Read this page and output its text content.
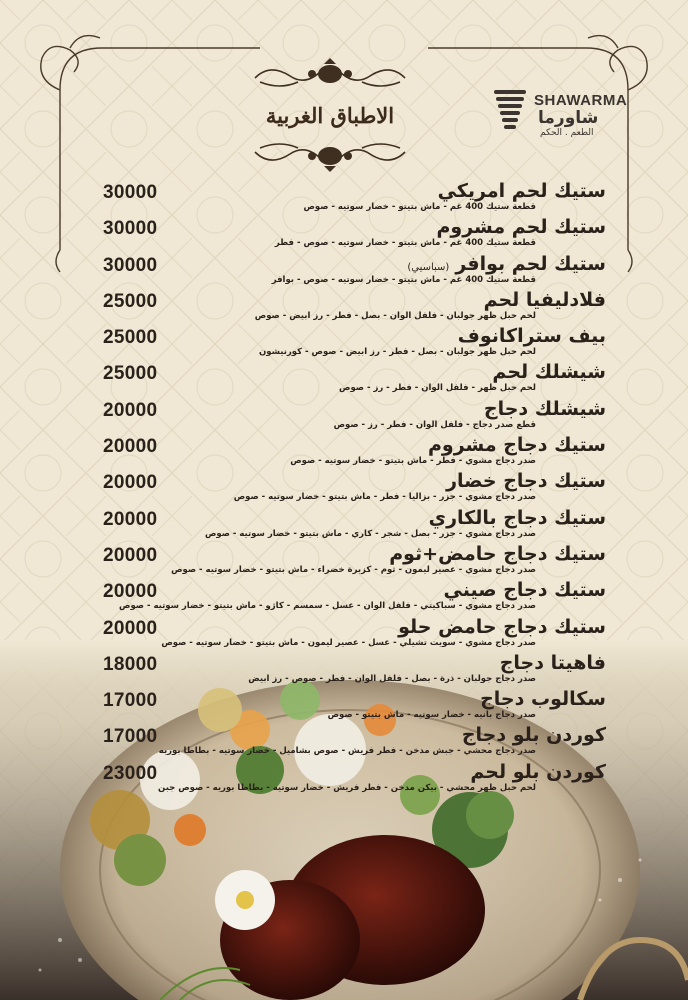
الاطباق الغربية
SHAWARMA
شاورما
الطعم . الحكم
ستيك لحم امريكي
قطعة ستيك 400 غم - ماش بتيتو - خضار سوتيه - صوص
30000
ستيك لحم مشروم
قطعة ستيك 400 غم - ماش بتيتو - خضار سوتيه - صوص - فطر
30000
ستيك لحم بوافر(سباسيي)
قطعة ستيك 400 غم - ماش بتيتو - خضار سوتيه - صوص - بوافر
30000
فلادليفيا لحم
لحم حبل ظهر جولبان - فلفل الوان - بصل - فطر - رز ابيض - صوص
25000
بيف ستراكانوف
لحم حبل ظهر جولبان - بصل - فطر - رز ابيض - صوص - كورنيشون
25000
شيشلك لحم
لحم حبل ظهر - فلفل الوان - فطر - رز - صوص
25000
شيشلك دجاج
قطع صدر دجاج - فلفل الوان - فطر - رز - صوص
20000
ستيك دجاج مشروم
صدر دجاج مشوي - فطر - ماش بتيتو - خضار سوتيه - صوص
20000
ستيك دجاج خضار
صدر دجاج مشوي - جزر - بزاليا - فطر - ماش بتيتو - خضار سوتيه - صوص
20000
ستيك دجاج بالكاري
صدر دجاج مشوي - جزر - بصل - شجر - كاري - ماش بتيتو - خضار سوتيه - صوص
20000
ستيك دجاج حامض+ثوم
صدر دجاج مشوي - عصير ليمون - ثوم - كزبرة خضراء - ماش بتيتو - خضار سوتيه - صوص
20000
ستيك دجاج صيني
صدر دجاج مشوي - سباكيتي - فلفل الوان - عسل - سمسم - كاژو - ماش بتيتو - خضار سوتيه - صوص
20000
ستيك دجاج حامض حلو
صدر دجاج مشوي - سويت تشيلي - عسل - عصير ليمون - ماش بتيتو - خضار سوتيه - صوص
20000
فاهيتا دجاج
صدر دجاج جولبان - ذرة - بصل - فلفل الوان - فطر - صوص - رز ابيض
18000
سكالوب دجاج
صدر دجاج بانيه - خضار سوتيه - ماش بتيتو - صوص
17000
كوردن بلو دجاج
صدر دجاج محشي - جبش مدخن - فطر فريش - صوص بشاميل - خضار سوتيه - بطاطا بوريه
17000
كوردن بلو لحم
لحم حبل ظهر محشي - بيكن مدخن - فطر فريش - خضار سوتيه - بطاطا بوريه - صوص جبن
23000
